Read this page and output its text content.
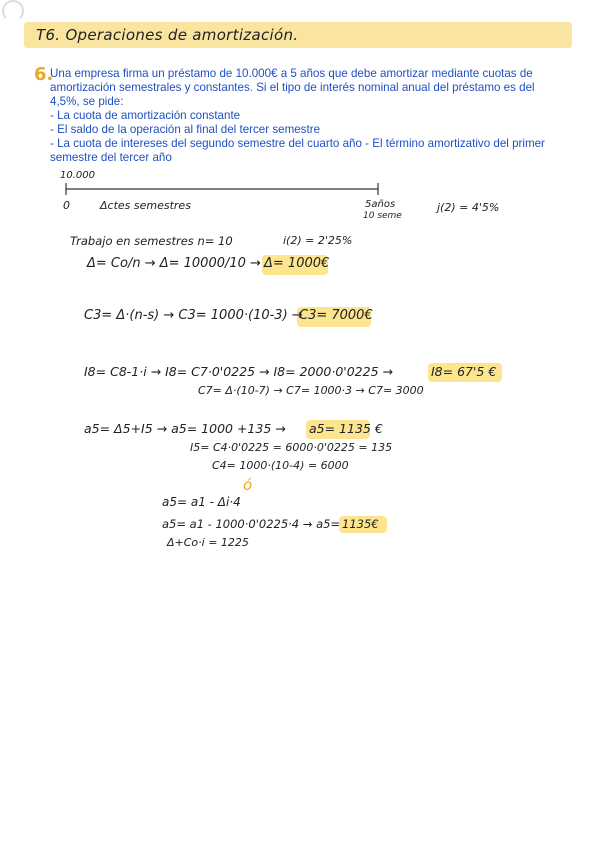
T6. Operaciones de amortización.
6.
Una empresa firma un préstamo de 10.000€ a 5 años que debe amortizar mediante cuotas de
amortización semestrales y constantes. Si el tipo de interés nominal anual del préstamo es del
4,5%, se pide:
- La cuota de amortización constante
- El saldo de la operación al final del tercer semestre
- La cuota de intereses del segundo semestre del cuarto año - El término amortizativo del primer
semestre del tercer año
10.000
0	Δctes semestres	5años
10 seme
j(2) = 4'5%
Trabajo en semestres n= 10	i(2) = 2'25%
Δ= Co/n → Δ= 10000/10 → Δ= 1000€
C3= Δ·(n-s) → C3= 1000·(10-3) →
C3= 7000€
I8= C8-1·i → I8= C7·0'0225 → I8= 2000·0'0225 →	I8= 67'5 €
C7= Δ·(10-7) → C7= 1000·3 → C7= 3000
a5= Δ5+I5 → a5= 1000 +135 → a5= 1135 €
I5= C4·0'0225 = 6000·0'0225 = 135
C4= 1000·(10-4) = 6000
ó
a5= a1 - Δi·4
a5= a1 - 1000·0'0225·4 → a5= 1135€
Δ+Co·i = 1225
